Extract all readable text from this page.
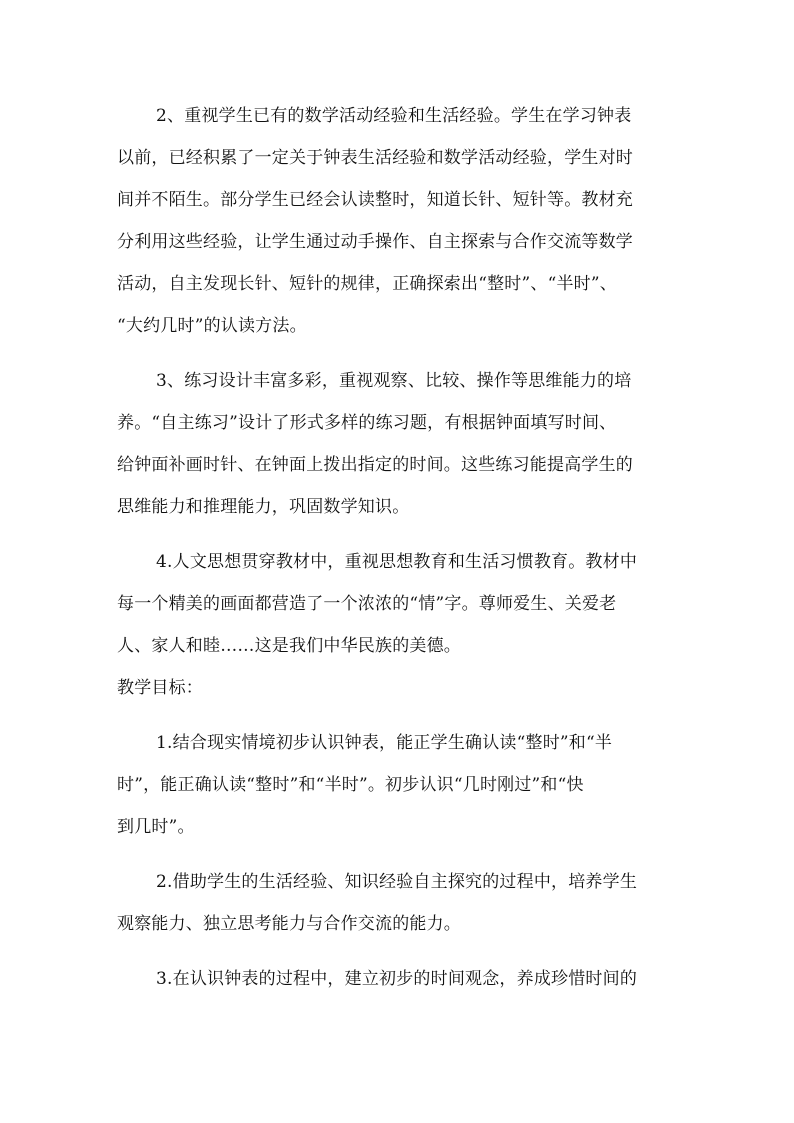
2、重视学生已有的数学活动经验和生活经验。学生在学习钟表
以前，已经积累了一定关于钟表生活经验和数学活动经验，学生对时
间并不陌生。部分学生已经会认读整时，知道长针、短针等。教材充
分利用这些经验，让学生通过动手操作、自主探索与合作交流等数学
活动，自主发现长针、短针的规律，正确探索出“整时”、“半时”、
“大约几时”的认读方法。
3、练习设计丰富多彩，重视观察、比较、操作等思维能力的培
养。“自主练习”设计了形式多样的练习题，有根据钟面填写时间、
给钟面补画时针、在钟面上拨出指定的时间。这些练习能提高学生的
思维能力和推理能力，巩固数学知识。
4.人文思想贯穿教材中，重视思想教育和生活习惯教育。教材中
每一个精美的画面都营造了一个浓浓的“情”字。尊师爱生、关爱老
人、家人和睦……这是我们中华民族的美德。
教学目标：
1.结合现实情境初步认识钟表，能正学生确认读“整时”和“半
时”，能正确认读“整时”和“半时”。初步认识“几时刚过”和“快
到几时”。
2.借助学生的生活经验、知识经验自主探究的过程中，培养学生
观察能力、独立思考能力与合作交流的能力。
3.在认识钟表的过程中，建立初步的时间观念，养成珍惜时间的
